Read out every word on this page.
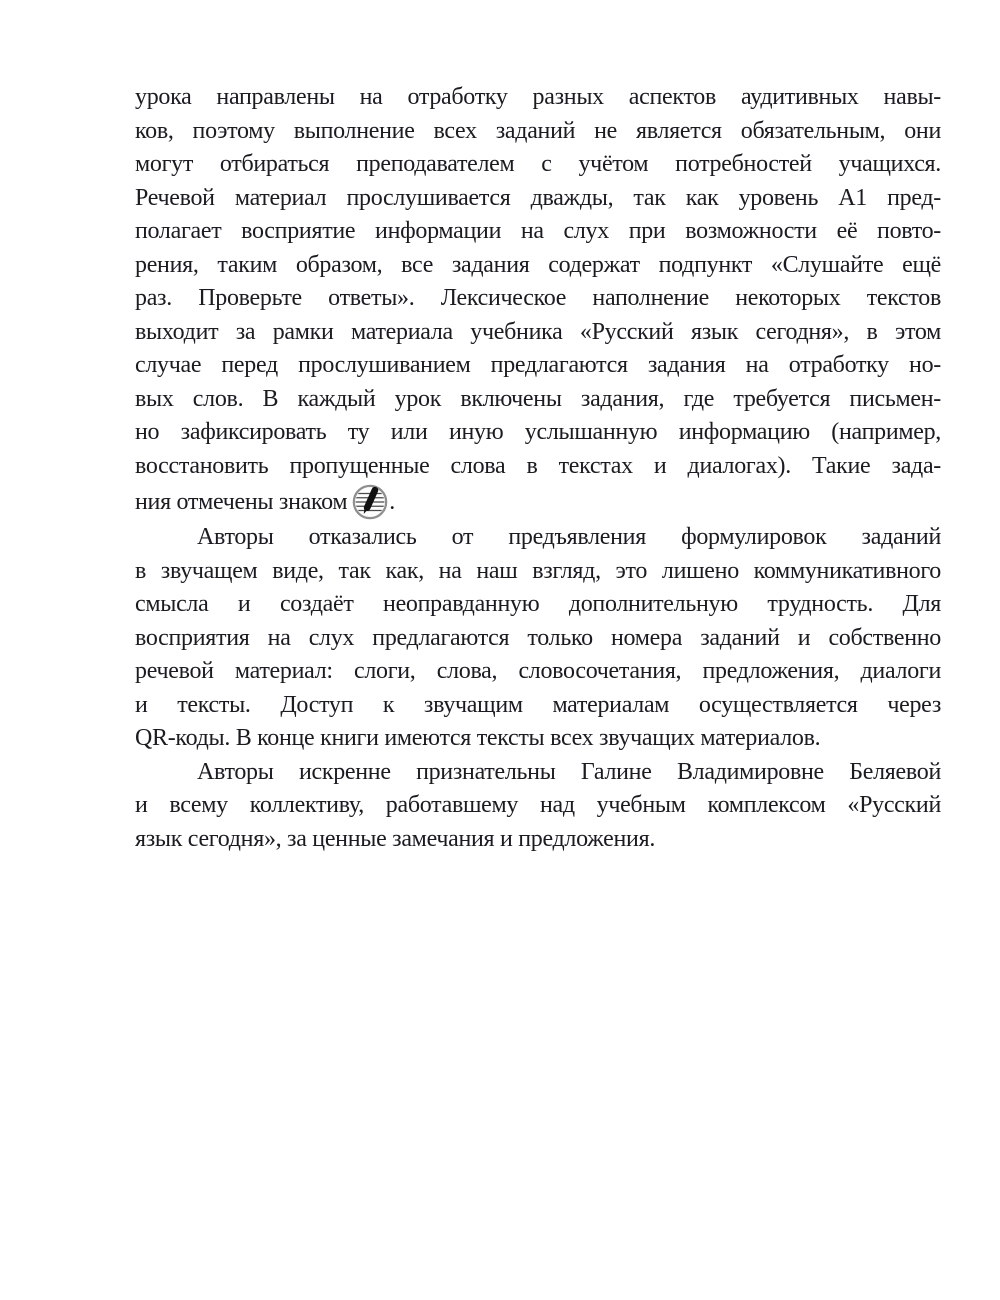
урока направлены на отработку разных аспектов аудитивных навы-
ков, поэтому выполнение всех заданий не является обязательным, они
могут отбираться преподавателем с учётом потребностей учащихся.
Речевой материал прослушивается дважды, так как уровень А1 пред-
полагает восприятие информации на слух при возможности её повто-
рения, таким образом, все задания содержат подпункт «Слушайте ещё
раз. Проверьте ответы». Лексическое наполнение некоторых текстов
выходит за рамки материала учебника «Русский язык сегодня», в этом
случае перед прослушиванием предлагаются задания на отработку но-
вых слов. В каждый урок включены задания, где требуется письмен-
но зафиксировать ту или иную услышанную информацию (например,
восстановить пропущенные слова в текстах и диалогах). Такие зада-
ния отмечены знаком .
Авторы отказались от предъявления формулировок заданий
в звучащем виде, так как, на наш взгляд, это лишено коммуникативного
смысла и создаёт неоправданную дополнительную трудность. Для
восприятия на слух предлагаются только номера заданий и собственно
речевой материал: слоги, слова, словосочетания, предложения, диалоги
и тексты. Доступ к звучащим материалам осуществляется через
QR-коды. В конце книги имеются тексты всех звучащих материалов.
Авторы искренне признательны Галине Владимировне Беляевой
и всему коллективу, работавшему над учебным комплексом «Русский
язык сегодня», за ценные замечания и предложения.
